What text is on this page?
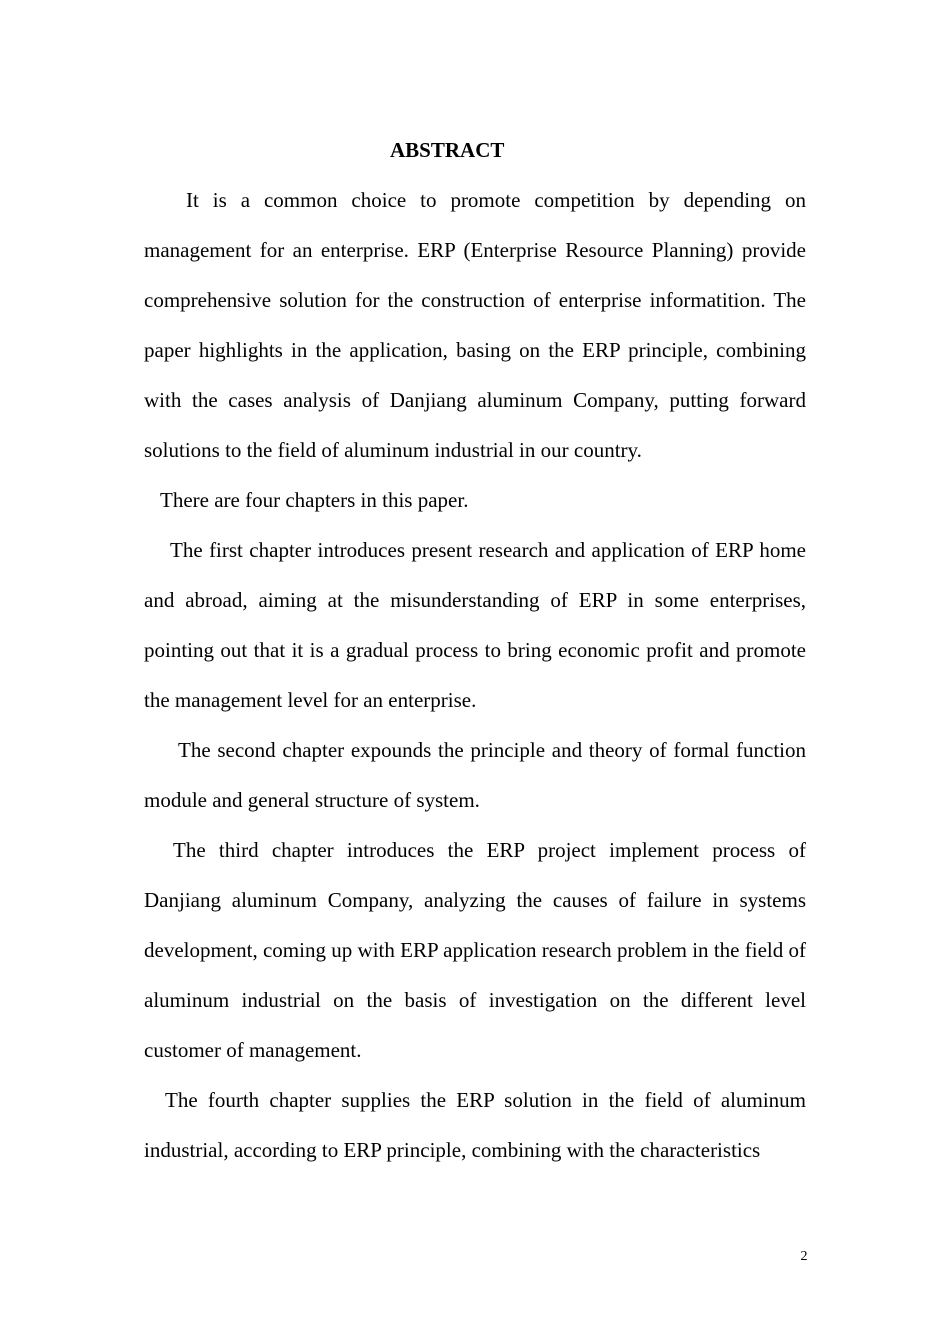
ABSTRACT

It is a common choice to promote competition by depending on management for an enterprise. ERP (Enterprise Resource Planning) provide comprehensive solution for the construction of enterprise informatition. The paper highlights in the application, basing on the ERP principle, combining with the cases analysis of Danjiang aluminum Company, putting forward solutions to the field of aluminum industrial in our country.

There are four chapters in this paper.

The first chapter introduces present research and application of ERP home and abroad, aiming at the misunderstanding of ERP in some enterprises, pointing out that it is a gradual process to bring economic profit and promote the management level for an enterprise.

The second chapter expounds the principle and theory of formal function module and general structure of system.

The third chapter introduces the ERP project implement process of Danjiang aluminum Company, analyzing the causes of failure in systems development, coming up with ERP application research problem in the field of aluminum industrial on the basis of investigation on the different level customer of management.

The fourth chapter supplies the ERP solution in the field of aluminum industrial, according to ERP principle, combining with the characteristics

2
